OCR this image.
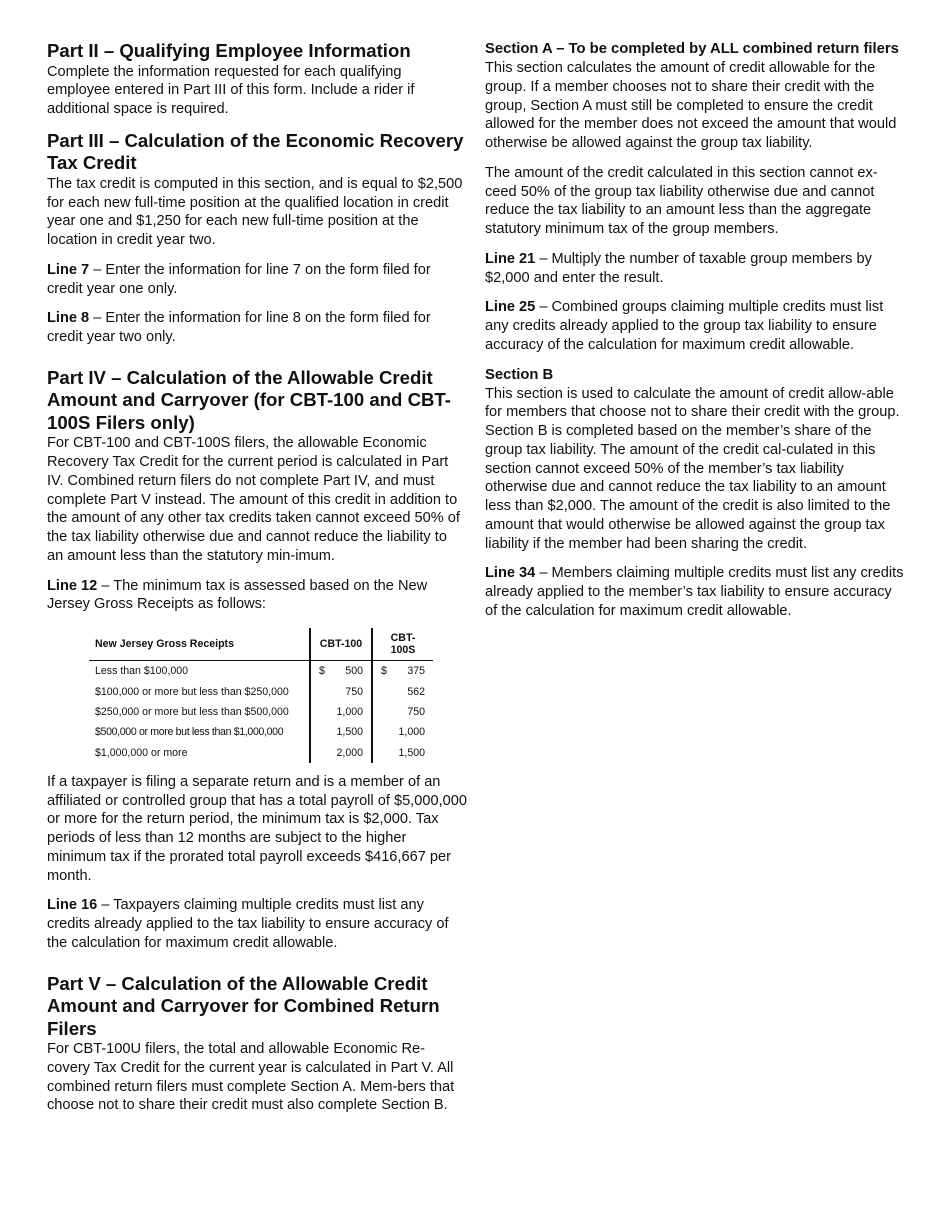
Part II – Qualifying Employee Information

Complete the information requested for each qualifying employee entered in Part III of this form. Include a rider if additional space is required.

Part III – Calculation of the Economic Recovery Tax Credit

The tax credit is computed in this section, and is equal to $2,500 for each new full-time position at the qualified location in credit year one and $1,250 for each new full-time position at the location in credit year two.

Line 7 – Enter the information for line 7 on the form filed for credit year one only.

Line 8 – Enter the information for line 8 on the form filed for credit year two only.

Part IV – Calculation of the Allowable Credit Amount and Carryover (for CBT-100 and CBT-100S Filers only)

For CBT-100 and CBT-100S filers, the allowable Economic Recovery Tax Credit for the current period is calculated in Part IV. Combined return filers do not complete Part IV, and must complete Part V instead. The amount of this credit in addition to the amount of any other tax credits taken cannot exceed 50% of the tax liability otherwise due and cannot reduce the liability to an amount less than the statutory min-imum.

Line 12 – The minimum tax is assessed based on the New Jersey Gross Receipts as follows:

New Jersey Gross Receipts	CBT-100	CBT-100S
Less than $100,000	$ 500	$ 375

$100,000 or more but less than $250,000	750	562

$250,000 or more but less than $500,000	1,000	750

$500,000 or more but less than $1,000,000	1,500	1,000

$1,000,000 or more	2,000	1,500

If a taxpayer is filing a separate return and is a member of an affiliated or controlled group that has a total payroll of $5,000,000 or more for the return period, the minimum tax is $2,000. Tax periods of less than 12 months are subject to the higher minimum tax if the prorated total payroll exceeds $416,667 per month.

Line 16 – Taxpayers claiming multiple credits must list any credits already applied to the tax liability to ensure accuracy of the calculation for maximum credit allowable.

Part V – Calculation of the Allowable Credit Amount and Carryover for Combined Return Filers

For CBT-100U filers, the total and allowable Economic Re-covery Tax Credit for the current year is calculated in Part V. All combined return filers must complete Section A. Mem-bers that choose not to share their credit must also complete Section B.

Section A – To be completed by ALL combined return filers

This section calculates the amount of credit allowable for the group. If a member chooses not to share their credit with the group, Section A must still be completed to ensure the credit allowed for the member does not exceed the amount that would otherwise be allowed against the group tax liability.

The amount of the credit calculated in this section cannot ex-ceed 50% of the group tax liability otherwise due and cannot reduce the tax liability to an amount less than the aggregate statutory minimum tax of the group members.

Line 21 – Multiply the number of taxable group members by $2,000 and enter the result.

Line 25 – Combined groups claiming multiple credits must list any credits already applied to the group tax liability to ensure accuracy of the calculation for maximum credit allowable.

Section B

This section is used to calculate the amount of credit allow-able for members that choose not to share their credit with the group. Section B is completed based on the member’s share of the group tax liability. The amount of the credit cal-culated in this section cannot exceed 50% of the member’s tax liability otherwise due and cannot reduce the tax liability to an amount less than $2,000. The amount of the credit is also limited to the amount that would otherwise be allowed against the group tax liability if the member had been sharing the credit.

Line 34 – Members claiming multiple credits must list any credits already applied to the member’s tax liability to ensure accuracy of the calculation for maximum credit allowable.
